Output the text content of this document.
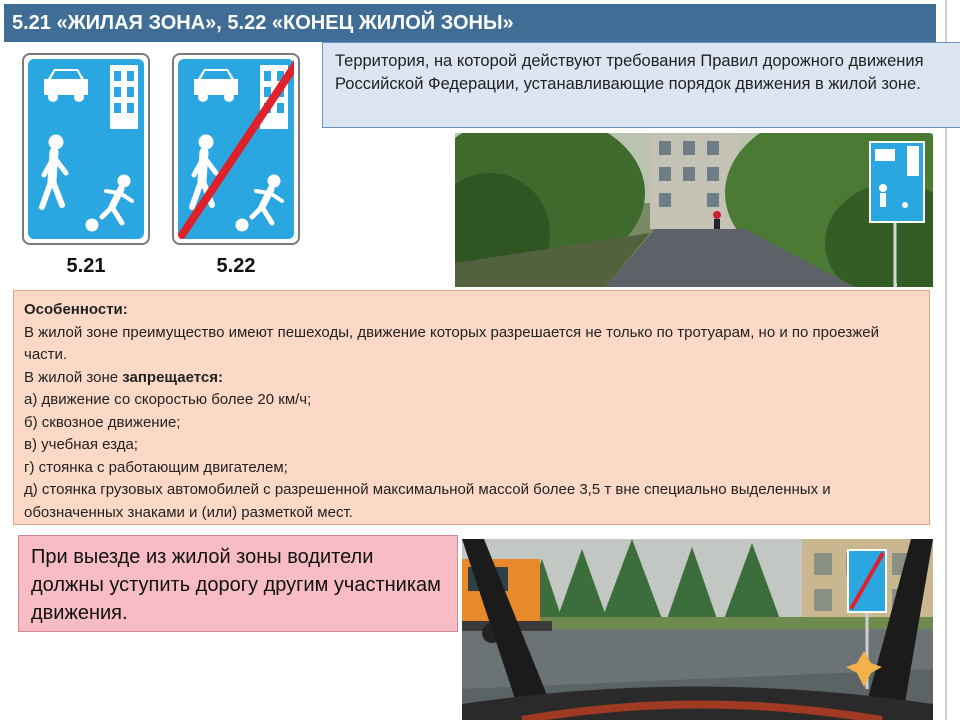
5.21 «ЖИЛАЯ ЗОНА», 5.22 «КОНЕЦ ЖИЛОЙ ЗОНЫ»
5.21	5.22
Территория, на которой действуют требования Правил дорожного движения Российской Федерации, устанавливающие порядок движения в жилой зоне.

Особенности:

В жилой зоне преимущество имеют пешеходы, движение которых разрешается не только по тротуарам, но и по проезжей части.

В жилой зоне запрещается:

а) движение со скоростью более 20 км/ч;

б) сквозное движение;

в) учебная езда;

г) стоянка с работающим двигателем;

д) стоянка грузовых автомобилей с разрешенной максимальной массой более 3,5 т вне специально выделенных и обозначенных знаками и (или) разметкой мест.

При выезде из жилой зоны водители должны уступить дорогу другим участникам движения.
